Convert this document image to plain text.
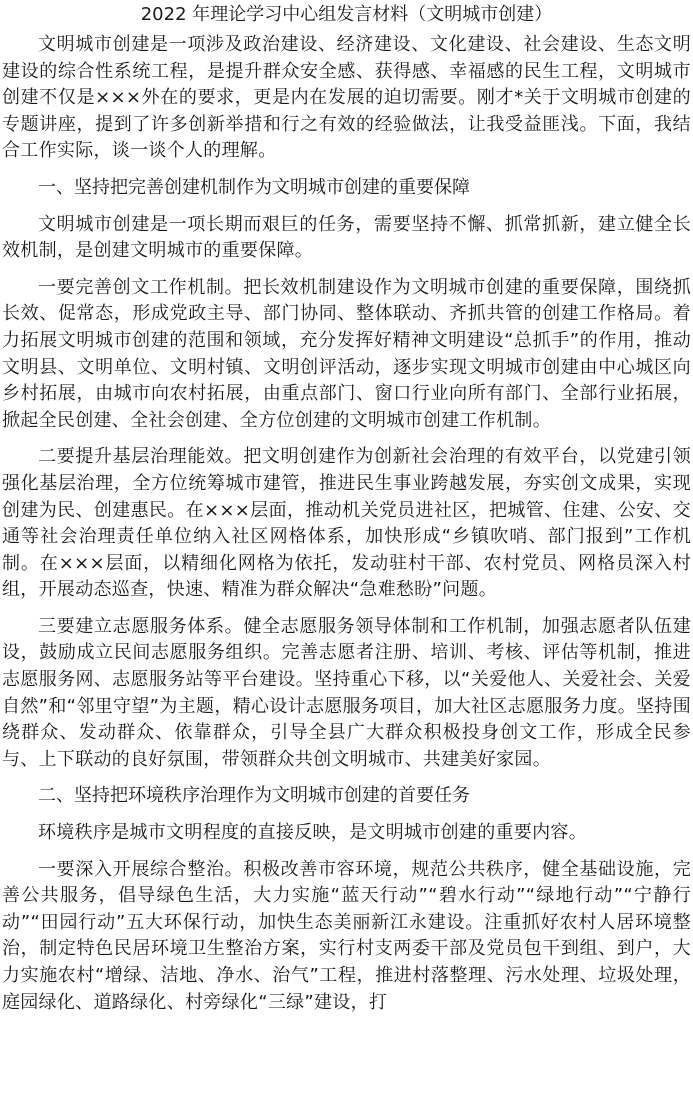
2022 年理论学习中心组发言材料（文明城市创建）

文明城市创建是一项涉及政治建设、经济建设、文化建设、社会建设、生态文明建设的综合性系统工程，是提升群众安全感、获得感、幸福感的民生工程，文明城市创建不仅是×××外在的要求，更是内在发展的迫切需要。刚才*关于文明城市创建的专题讲座，提到了许多创新举措和行之有效的经验做法，让我受益匪浅。下面，我结合工作实际，谈一谈个人的理解。

一、坚持把完善创建机制作为文明城市创建的重要保障

文明城市创建是一项长期而艰巨的任务，需要坚持不懈、抓常抓新，建立健全长效机制，是创建文明城市的重要保障。

一要完善创文工作机制。把长效机制建设作为文明城市创建的重要保障，围绕抓长效、促常态，形成党政主导、部门协同、整体联动、齐抓共管的创建工作格局。着力拓展文明城市创建的范围和领域，充分发挥好精神文明建设“总抓手”的作用，推动文明县、文明单位、文明村镇、文明创评活动，逐步实现文明城市创建由中心城区向乡村拓展，由城市向农村拓展，由重点部门、窗口行业向所有部门、全部行业拓展，掀起全民创建、全社会创建、全方位创建的文明城市创建工作机制。

二要提升基层治理能效。把文明创建作为创新社会治理的有效平台，以党建引领强化基层治理，全方位统筹城市建管，推进民生事业跨越发展，夯实创文成果，实现创建为民、创建惠民。在×××层面，推动机关党员进社区，把城管、住建、公安、交通等社会治理责任单位纳入社区网格体系，加快形成“乡镇吹哨、部门报到”工作机制。在×××层面，以精细化网格为依托，发动驻村干部、农村党员、网格员深入村组，开展动态巡查，快速、精准为群众解决“急难愁盼”问题。

三要建立志愿服务体系。健全志愿服务领导体制和工作机制，加强志愿者队伍建设，鼓励成立民间志愿服务组织。完善志愿者注册、培训、考核、评估等机制，推进志愿服务网、志愿服务站等平台建设。坚持重心下移，以“关爱他人、关爱社会、关爱自然”和“邻里守望”为主题，精心设计志愿服务项目，加大社区志愿服务力度。坚持围绕群众、发动群众、依靠群众，引导全县广大群众积极投身创文工作，形成全民参与、上下联动的良好氛围，带领群众共创文明城市、共建美好家园。

二、坚持把环境秩序治理作为文明城市创建的首要任务

环境秩序是城市文明程度的直接反映，是文明城市创建的重要内容。

一要深入开展综合整治。积极改善市容环境，规范公共秩序，健全基础设施，完善公共服务，倡导绿色生活，大力实施“蓝天行动”“碧水行动”“绿地行动”“宁静行动”“田园行动”五大环保行动，加快生态美丽新江永建设。注重抓好农村人居环境整治，制定特色民居环境卫生整治方案，实行村支两委干部及党员包干到组、到户，大力实施农村“增绿、洁地、净水、治气”工程，推进村落整理、污水处理、垃圾处理，庭园绿化、道路绿化、村旁绿化“三绿”建设，打
